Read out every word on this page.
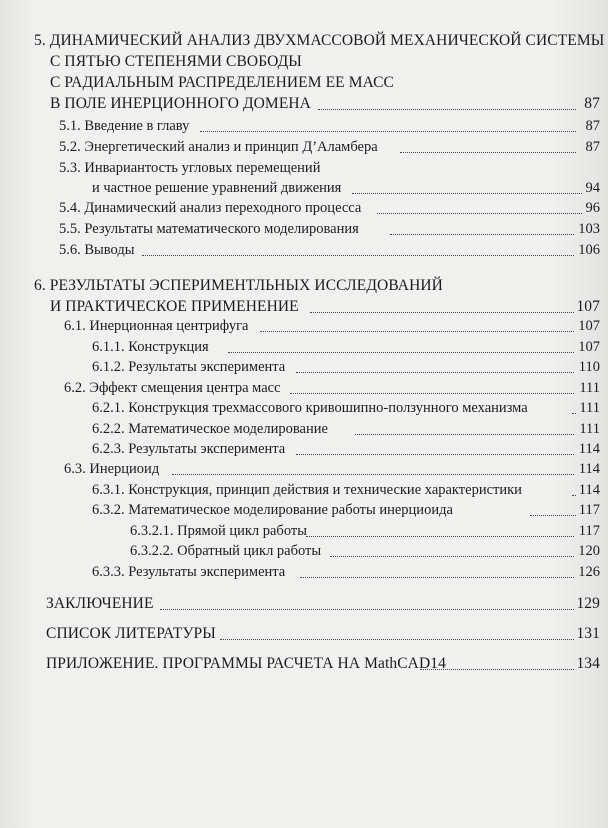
5. ДИНАМИЧЕСКИЙ АНАЛИЗ ДВУХМАССОВОЙ МЕХАНИЧЕСКОЙ СИСТЕМЫ
С ПЯТЬЮ СТЕПЕНЯМИ СВОБОДЫ
С РАДИАЛЬНЫМ РАСПРЕДЕЛЕНИЕМ ЕЕ МАСС
В ПОЛЕ ИНЕРЦИОННОГО ДОМЕНА	87
5.1. Введение в главу	87
5.2. Энергетический анализ и принцип Д’Аламбера	87
5.3. Инвариантость угловых перемещений
и частное решение уравнений движения	94
5.4. Динамический анализ переходного процесса	96
5.5. Результаты математического моделирования	103
5.6. Выводы	106
6. РЕЗУЛЬТАТЫ ЭСПЕРИМЕНТЛЬНЫХ ИССЛЕДОВАНИЙ
И ПРАКТИЧЕСКОЕ ПРИМЕНЕНИЕ	107
6.1. Инерционная центрифуга	107
6.1.1. Конструкция	107
6.1.2. Результаты эксперимента	110
6.2. Эффект смещения центра масс	111
6.2.1. Конструкция трехмассового кривошипно-ползунного механизма	111
6.2.2. Математическое моделирование	111
6.2.3. Результаты эксперимента	114
6.3. Инерциоид	114
6.3.1. Конструкция, принцип действия и технические характеристики	114
6.3.2. Математическое моделирование работы инерциоида	117
6.3.2.1. Прямой цикл работы	117
6.3.2.2. Обратный цикл работы	120
6.3.3. Результаты эксперимента	126
ЗАКЛЮЧЕНИЕ	129
СПИСОК ЛИТЕРАТУРЫ	131
ПРИЛОЖЕНИЕ. ПРОГРАММЫ РАСЧЕТА НА MathCAD14	134
